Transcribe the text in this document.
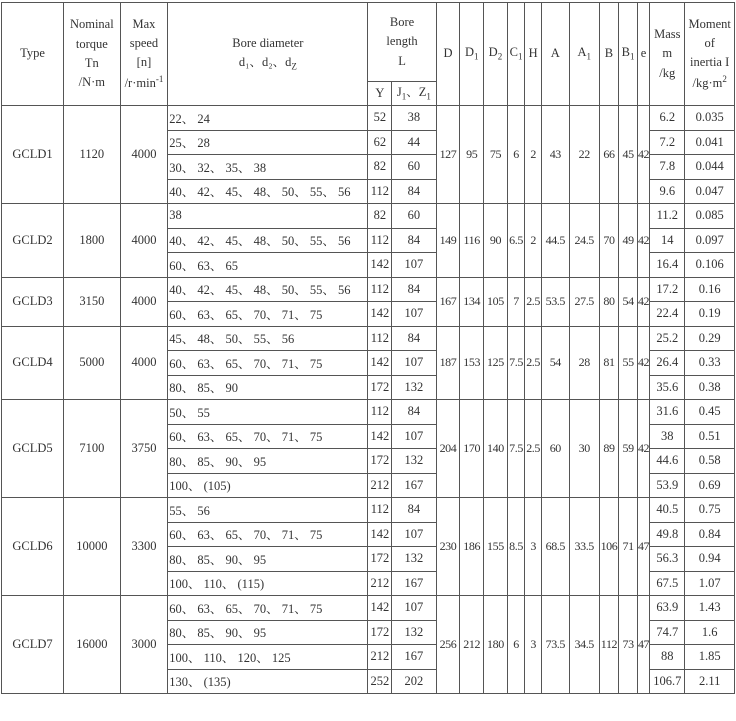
Type	Nominal
torque
Tn
/N·m	Max
speed
[n]
$/r\cdot\min^{-1}$	Bore diameter
d₁、d₂、$d_Z$	Bore
length
L		D	$D_1$	$D_2$	$C_1$	H	A	$A_1$	B	$B_1$	e	Mass
m
/kg	Moment
of
inertia I
$/kg\cdot m^2$

				Y	$J_1$、$Z_1$
GCLD1	1120	4000	22、 24	52	38	127	95	75	6	2	43	22	66	45	42	6.2	0.035
			25、 28	62	44											7.2	0.041
			30、 32、 35、 38	82	60											7.8	0.044
			40、 42、 45、 48、 50、 55、 56	112	84											9.6	0.047
GCLD2	1800	4000	38	82	60	149	116	90	6.5	2	44.5	24.5	70	49	42	11.2	0.085
			40、 42、 45、 48、 50、 55、 56	112	84											14	0.097
			60、 63、 65	142	107											16.4	0.106
GCLD3	3150	4000	40、 42、 45、 48、 50、 55、 56	112	84	167	134	105	7	2.5	53.5	27.5	80	54	42	17.2	0.16
			60、 63、 65、 70、 71、 75	142	107											22.4	0.19
GCLD4	5000	4000	45、 48、 50、 55、 56	112	84	187	153	125	7.5	2.5	54	28	81	55	42	25.2	0.29
			60、 63、 65、 70、 71、 75	142	107											26.4	0.33
			80、 85、 90	172	132											35.6	0.38
GCLD5	7100	3750	50、 55	112	84	204	170	140	7.5	2.5	60	30	89	59	42	31.6	0.45
			60、 63、 65、 70、 71、 75	142	107											38	0.51
			80、 85、 90、 95	172	132											44.6	0.58
			100、 (105)	212	167											53.9	0.69
GCLD6	10000	3300	55、 56	112	84	230	186	155	8.5	3	68.5	33.5	106	71	47	40.5	0.75
			60、 63、 65、 70、 71、 75	142	107											49.8	0.84
			80、 85、 90、 95	172	132											56.3	0.94
			100、 110、 (115)	212	167											67.5	1.07
GCLD7	16000	3000	60、 63、 65、 70、 71、 75	142	107	256	212	180	6	3	73.5	34.5	112	73	47	63.9	1.43
			80、 85、 90、 95	172	132											74.7	1.6
			100、 110、 120、 125	212	167											88	1.85
			130、 (135)	252	202											106.7	2.11
